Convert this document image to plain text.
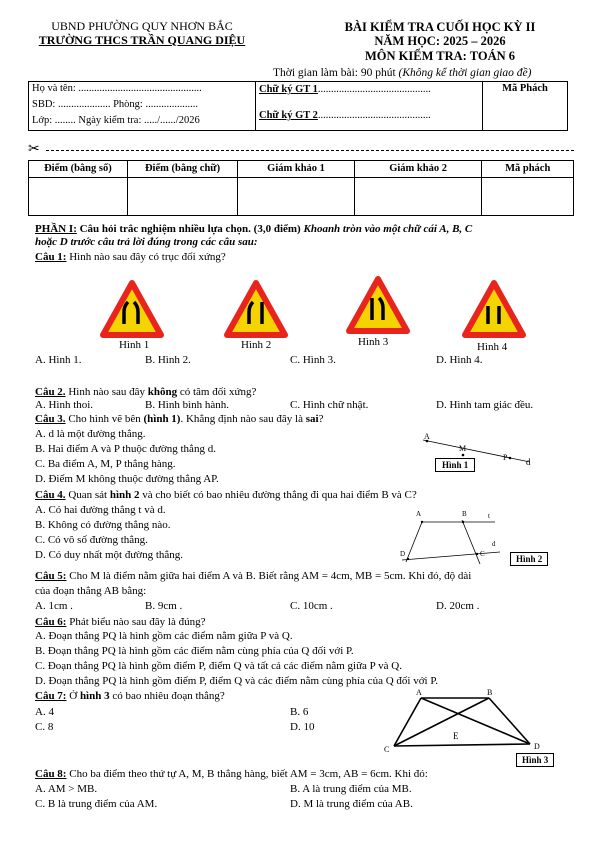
UBND PHƯỜNG QUY NHƠN BẮC
TRƯỜNG THCS TRẦN QUANG DIỆU
BÀI KIỂM TRA CUỐI HỌC KỲ II
NĂM HỌC: 2025 – 2026
MÔN KIỂM TRA: TOÁN 6
Thời gian làm bài: 90 phút (Không kể thời gian giao đề)
Họ và tên: ...............................................
SBD: .................... Phòng: ....................
Lớp: ........ Ngày kiểm tra: ...../....../2026

Chữ ký GT 1...........................................
Chữ ký GT 2...........................................
	Mã Phách
✂
Điểm (bằng số)	Điểm (bằng chữ)	Giám khảo 1	Giám khảo 2	Mã phách

PHẦN I: Câu hỏi trắc nghiệm nhiều lựa chọn. (3,0 điểm) Khoanh tròn vào một chữ cái A, B, C
hoặc D trước câu trả lời đúng trong các câu sau:
Câu 1: Hình nào sau đây có trục đối xứng?
Hình 1	Hình 2	Hình 3	Hình 4
A. Hình 1.	B. Hình 2.	C. Hình 3.	D. Hình 4.
Câu 2. Hình nào sau đây không có tâm đối xứng?
A. Hình thoi.	B. Hình bình hành.	C. Hình chữ nhật.	D. Hình tam giác đều.
Câu 3. Cho hình vẽ bên (hình 1). Khẳng định nào sau đây là sai?
A. d là một đường thẳng.
B. Hai điểm A và P thuộc đường thẳng d.
C. Ba điểm A, M, P thẳng hàng.
D. Điểm M không thuộc đường thẳng AP.
A
M
P d
Hình 1
Câu 4. Quan sát hình 2 và cho biết có bao nhiêu đường thẳng đi qua hai điểm B và C?
A. Có hai đường thẳng t và d.
B. Không có đường thẳng nào.
C. Có vô số đường thẳng.
D. Có duy nhất một đường thẳng.
A	B	t
d
D	C	Hình 2
Câu 5: Cho M là điểm nằm giữa hai điểm A và B. Biết rằng AM = 4cm, MB = 5cm. Khi đó, độ dài
của đoạn thẳng AB bằng:
A. 1cm .	B. 9cm .	C. 10cm .	D. 20cm .
Câu 6: Phát biểu nào sau đây là đúng?
A. Đoạn thẳng PQ là hình gồm các điểm nằm giữa P và Q.
B. Đoạn thẳng PQ là hình gồm các điểm nằm cùng phía của Q đối với P.
C. Đoạn thẳng PQ là hình gồm điểm P, điểm Q và tất cả các điểm nằm giữa P và Q.
D. Đoạn thẳng PQ là hình gồm điểm P, điểm Q và các điểm nằm cùng phía của Q đối với P.
Câu 7: Ở hình 3 có bao nhiêu đoạn thẳng?
A. 4	B. 6
C. 8	D. 10
A	B
E
C	D
Hình 3
Câu 8: Cho ba điểm theo thứ tự A, M, B thẳng hàng, biết AM = 3cm, AB = 6cm. Khi đó:
A. AM > MB.	B. A là trung điểm của MB.
C. B là trung điểm của AM.	D. M là trung điểm của AB.
